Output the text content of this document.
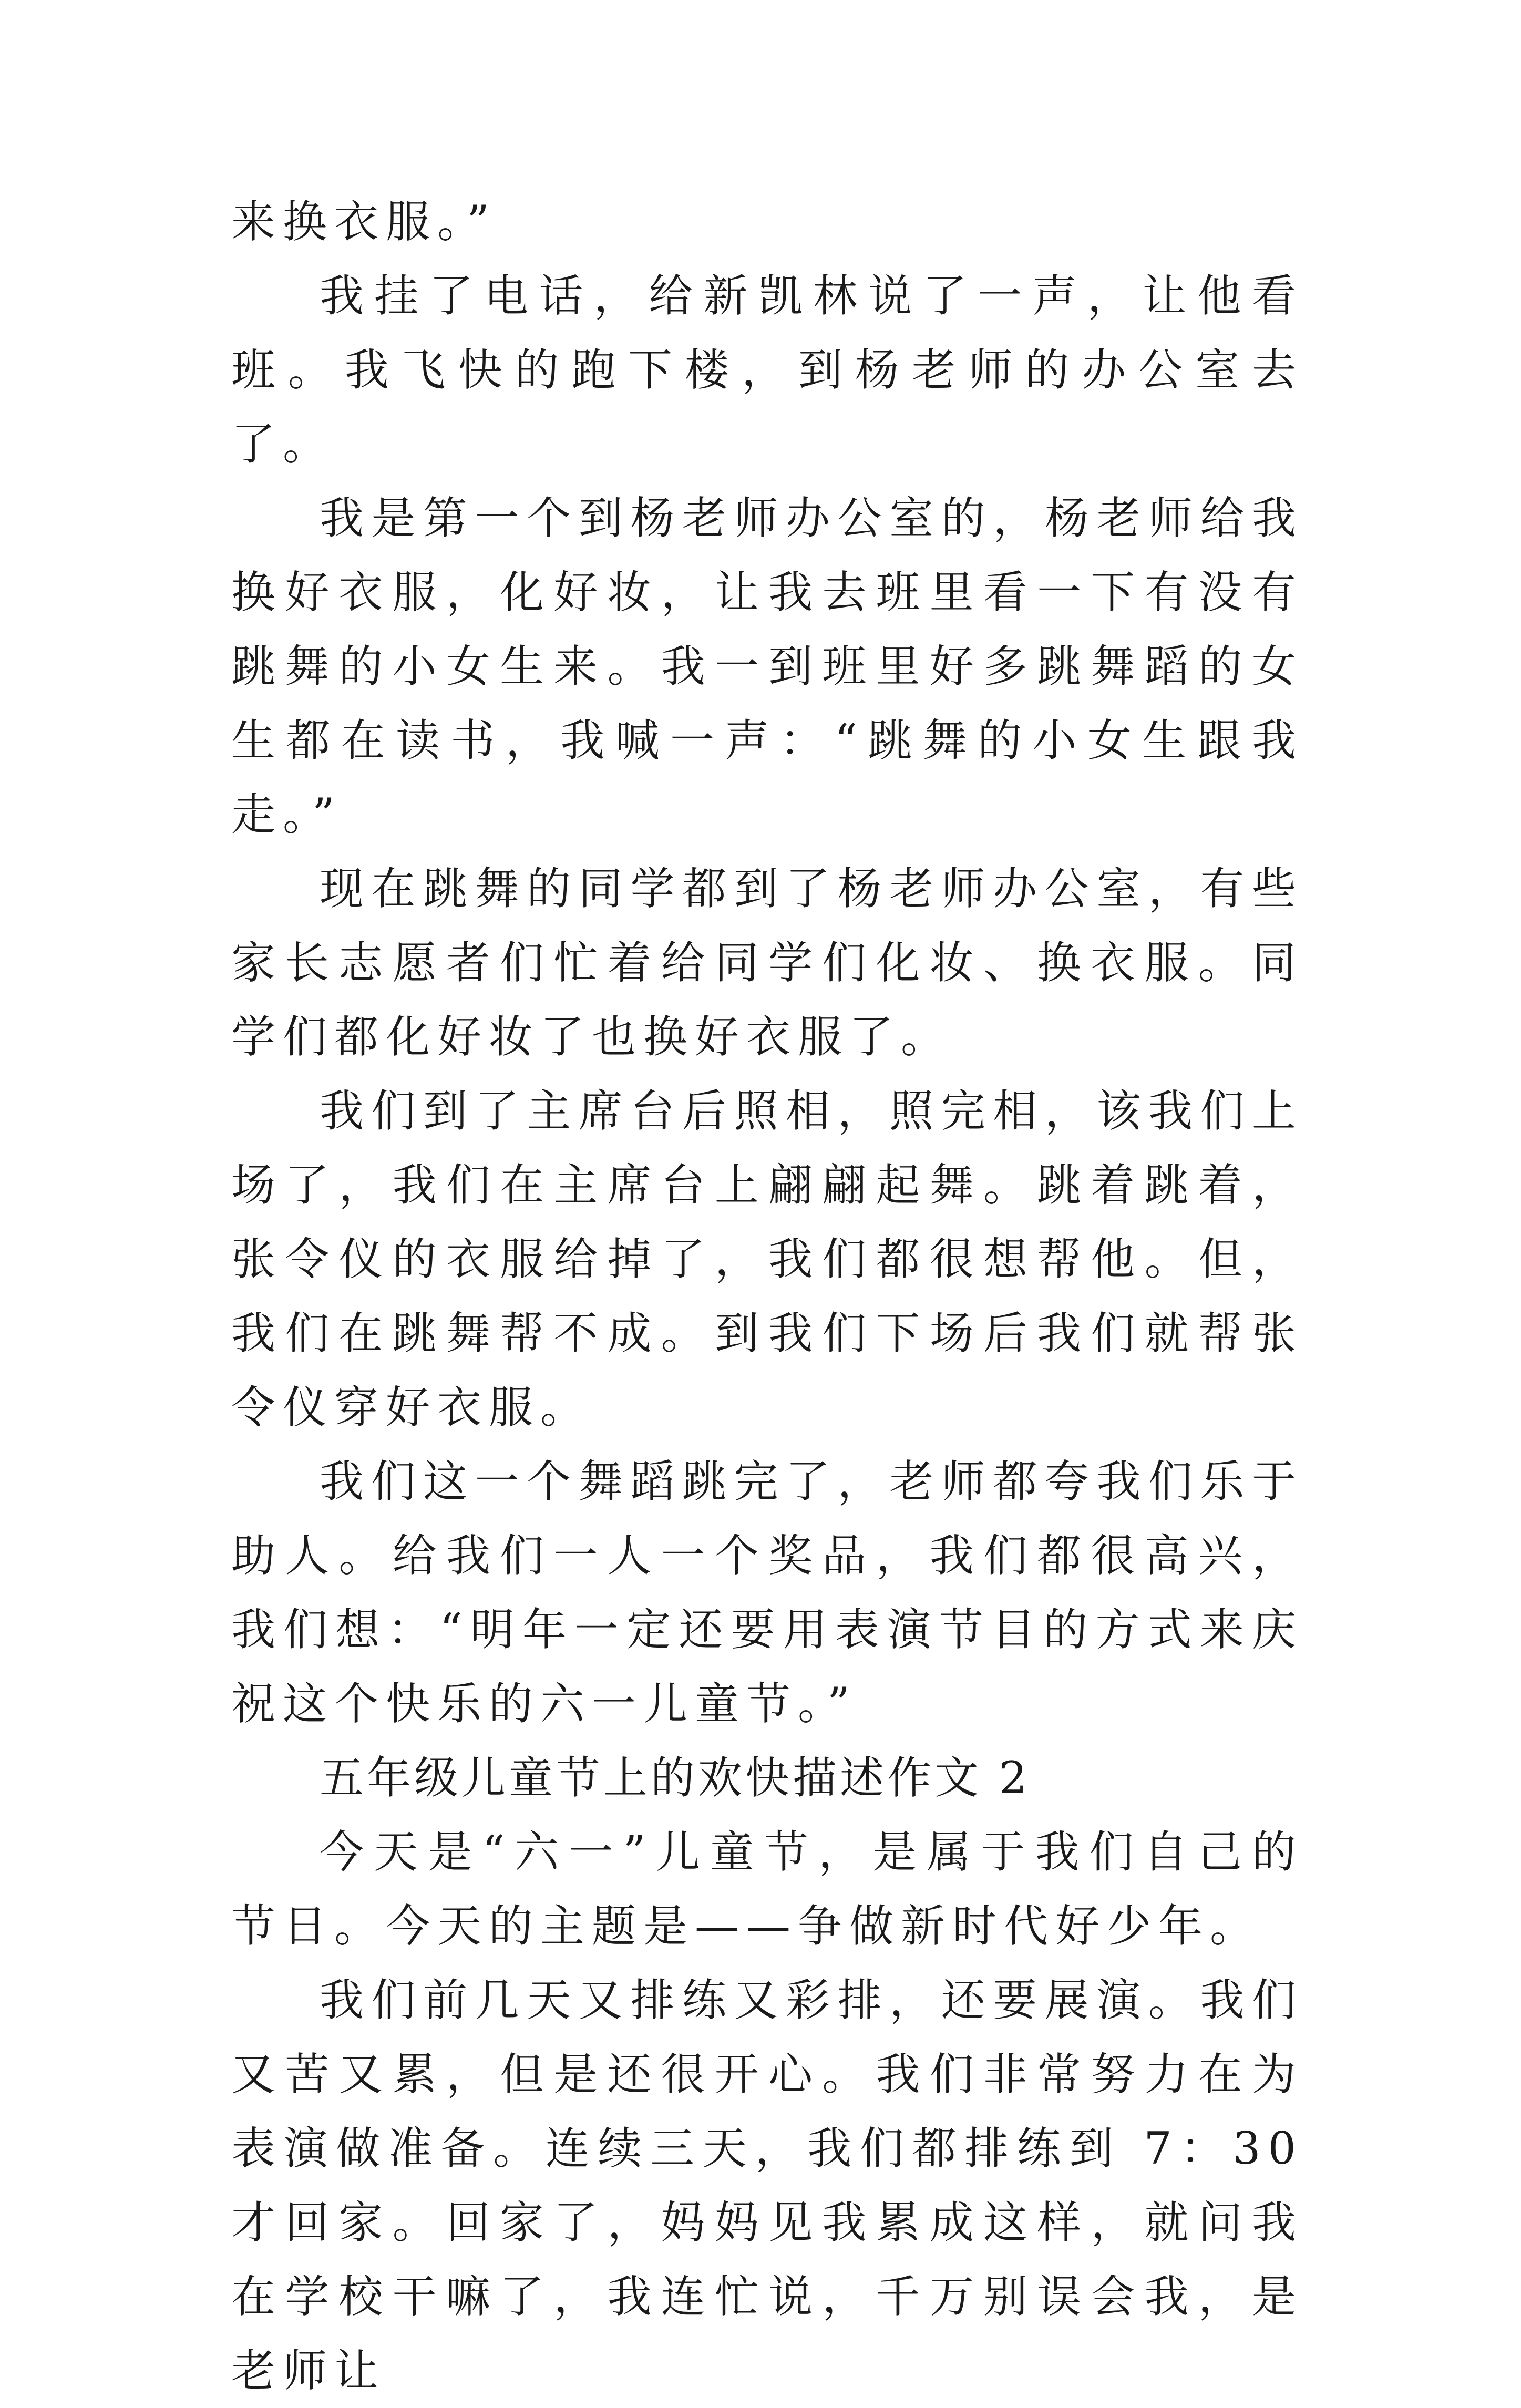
来换衣服。”

我挂了电话，给新凯林说了一声，让他看班。我飞快的跑下楼，到杨老师的办公室去了。

我是第一个到杨老师办公室的，杨老师给我换好衣服，化好妆，让我去班里看一下有没有跳舞的小女生来。我一到班里好多跳舞蹈的女生都在读书，我喊一声：“跳舞的小女生跟我走。”

现在跳舞的同学都到了杨老师办公室，有些家长志愿者们忙着给同学们化妆、换衣服。同学们都化好妆了也换好衣服了。

我们到了主席台后照相，照完相，该我们上场了，我们在主席台上翩翩起舞。跳着跳着，张令仪的衣服给掉了，我们都很想帮他。但，我们在跳舞帮不成。到我们下场后我们就帮张令仪穿好衣服。

我们这一个舞蹈跳完了，老师都夸我们乐于助人。给我们一人一个奖品，我们都很高兴，我们想：“明年一定还要用表演节目的方式来庆祝这个快乐的六一儿童节。”

五年级儿童节上的欢快描述作文 2

今天是“六一”儿童节，是属于我们自己的节日。今天的主题是——争做新时代好少年。

我们前几天又排练又彩排，还要展演。我们又苦又累，但是还很开心。我们非常努力在为表演做准备。连续三天，我们都排练到 7：30 才回家。回家了，妈妈见我累成这样，就问我在学校干嘛了，我连忙说，千万别误会我，是老师让
